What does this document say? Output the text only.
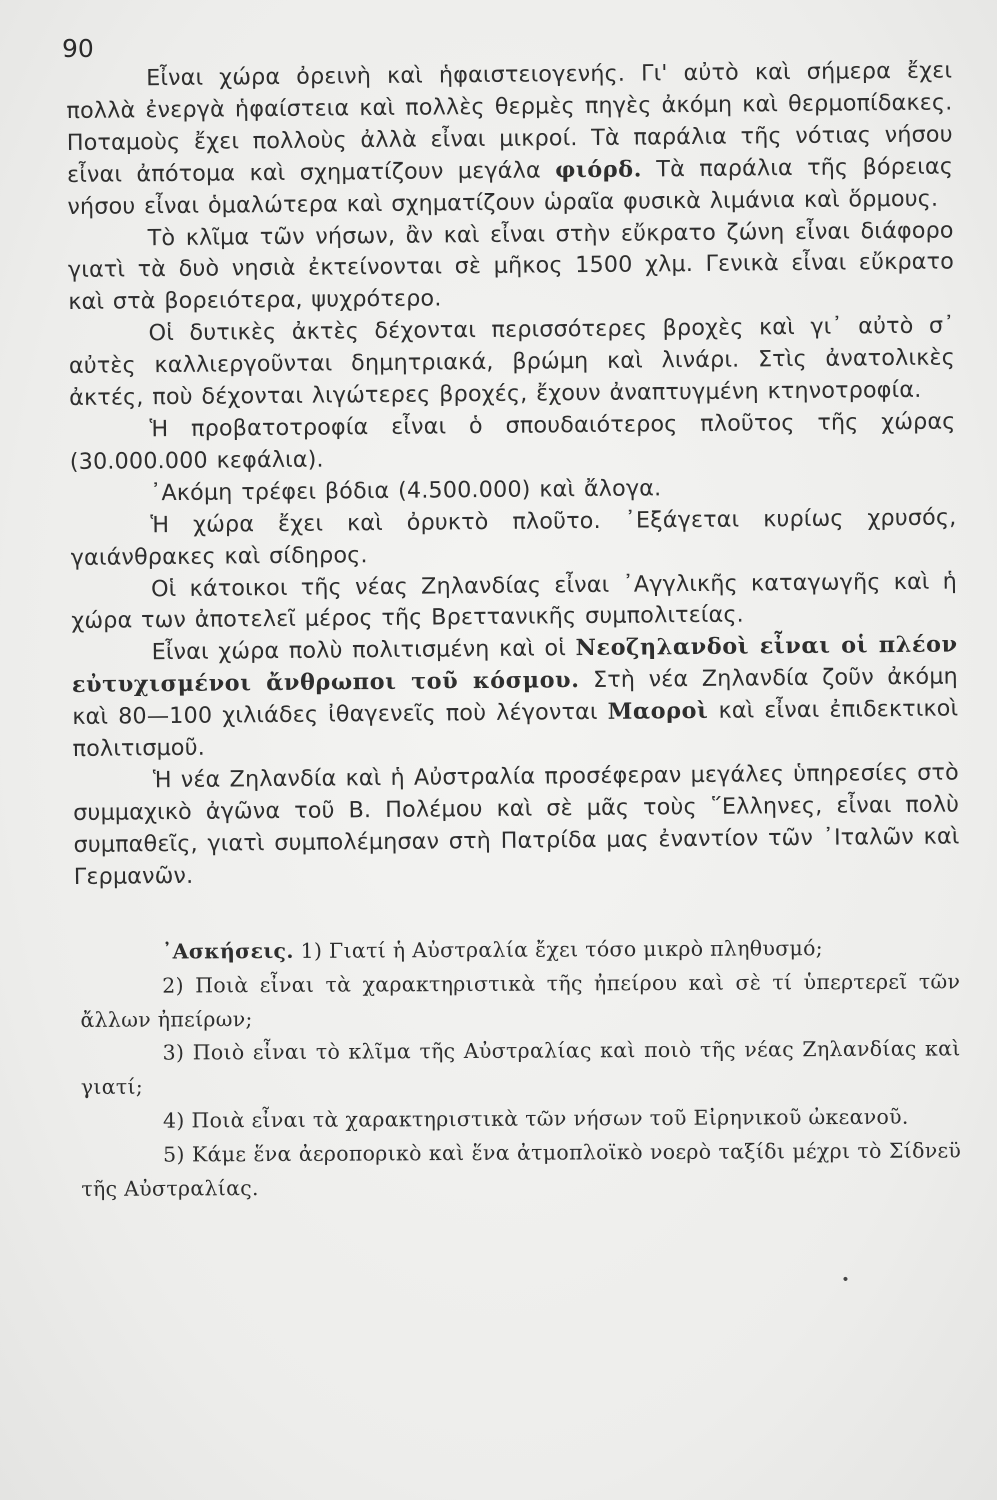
90

Εἶναι χώρα ὀρεινὴ καὶ ἡφαιστειογενής. Γι' αὐτὸ καὶ σήμερα ἔχει πολλὰ ἐνεργὰ ἡφαίστεια καὶ πολλὲς θερμὲς πηγὲς ἀκόμη καὶ θερμοπίδακες. Ποταμοὺς ἔχει πολλοὺς ἀλλὰ εἶναι μικροί. Τὰ παράλια τῆς νότιας νήσου εἶναι ἀπότομα καὶ σχηματίζουν μεγάλα φιόρδ. Τὰ παράλια τῆς βόρειας νήσου εἶναι ὁμαλώτερα καὶ σχηματίζουν ὡραῖα φυσικὰ λιμάνια καὶ ὅρμους.

Τὸ κλῖμα τῶν νήσων, ἂν καὶ εἶναι στὴν εὔκρατο ζώνη εἶναι διάφορο γιατὶ τὰ δυὸ νησιὰ ἐκτείνονται σὲ μῆκος 1500 χλμ. Γενικὰ εἶναι εὔκρατο καὶ στὰ βορειότερα, ψυχρότερο.

Οἱ δυτικὲς ἀκτὲς δέχονται περισσότερες βροχὲς καὶ γι᾽ αὐτὸ σ᾽ αὐτὲς καλλιεργοῦνται δημητριακά, βρώμη καὶ λινάρι. Στὶς ἀνατολικὲς ἀκτές, ποὺ δέχονται λιγώτερες βροχές, ἔχουν ἀναπτυγμένη κτηνοτροφία.

Ἡ προβατοτροφία εἶναι ὁ σπουδαιότερος πλοῦτος τῆς χώρας (30.000.000 κεφάλια).

᾽Ακόμη τρέφει βόδια (4.500.000) καὶ ἄλογα.

Ἡ χώρα ἔχει καὶ ὀρυκτὸ πλοῦτο. ᾽Εξάγεται κυρίως χρυσός, γαιάνθρακες καὶ σίδηρος.

Οἱ κάτοικοι τῆς νέας Ζηλανδίας εἶναι ᾽Αγγλικῆς καταγωγῆς καὶ ἡ χώρα των ἀποτελεῖ μέρος τῆς Βρεττανικῆς συμπολιτείας.

Εἶναι χώρα πολὺ πολιτισμένη καὶ οἱ Νεοζηλανδοὶ εἶναι οἱ πλέον εὐτυχισμένοι ἄνθρωποι τοῦ κόσμου. Στὴ νέα Ζηλανδία ζοῦν ἀκόμη καὶ 80—100 χιλιάδες ἰθαγενεῖς ποὺ λέγονται Μαοροὶ καὶ εἶναι ἐπιδεκτικοὶ πολιτισμοῦ.

Ἡ νέα Ζηλανδία καὶ ἡ Αὐστραλία προσέφεραν μεγάλες ὑπηρεσίες στὸ συμμαχικὸ ἀγῶνα τοῦ Β. Πολέμου καὶ σὲ μᾶς τοὺς ῞Ελληνες, εἶναι πολὺ συμπαθεῖς, γιατὶ συμπολέμησαν στὴ Πατρίδα μας ἐναντίον τῶν ᾽Ιταλῶν καὶ Γερμανῶν.

᾽Ασκήσεις. 1) Γιατί ἡ Αὐστραλία ἔχει τόσο μικρὸ πληθυσμό;

2) Ποιὰ εἶναι τὰ χαρακτηριστικὰ τῆς ἠπείρου καὶ σὲ τί ὑπερτερεῖ τῶν ἄλλων ἠπείρων;

3) Ποιὸ εἶναι τὸ κλῖμα τῆς Αὐστραλίας καὶ ποιὸ τῆς νέας Ζηλανδίας καὶ γιατί;

4) Ποιὰ εἶναι τὰ χαρακτηριστικὰ τῶν νήσων τοῦ Εἰρηνικοῦ ὠκεανοῦ.

5) Κάμε ἕνα ἀεροπορικὸ καὶ ἕνα ἀτμοπλοϊκὸ νοερὸ ταξίδι μέχρι τὸ Σίδνεϋ τῆς Αὐστραλίας.

•
